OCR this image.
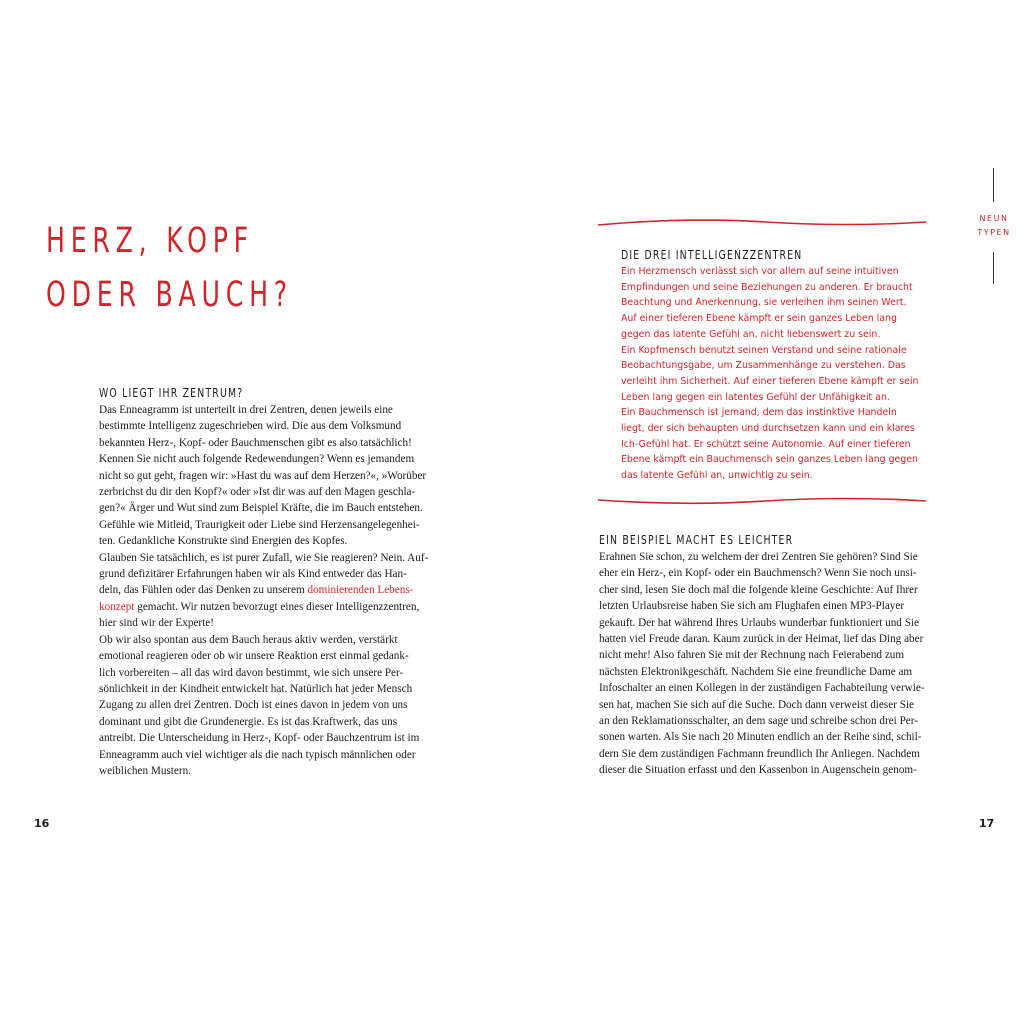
HERZ, KOPF
ODER BAUCH?
WO LIEGT IHR ZENTRUM?
Das Enneagramm ist unterteilt in drei Zentren, denen jeweils eine
bestimmte Intelligenz zugeschrieben wird. Die aus dem Volksmund
bekannten Herz-, Kopf- oder Bauchmenschen gibt es also tatsächlich!
Kennen Sie nicht auch folgende Redewendungen? Wenn es jemandem
nicht so gut geht, fragen wir: »Hast du was auf dem Herzen?«, »Worüber
zerbrichst du dir den Kopf?« oder »Ist dir was auf den Magen geschla-
gen?« Ärger und Wut sind zum Beispiel Kräfte, die im Bauch entstehen.
Gefühle wie Mitleid, Traurigkeit oder Liebe sind Herzensangelegenhei-
ten. Gedankliche Konstrukte sind Energien des Kopfes.
Glauben Sie tatsächlich, es ist purer Zufall, wie Sie reagieren? Nein. Auf-
grund defizitärer Erfahrungen haben wir als Kind entweder das Han-
deln, das Fühlen oder das Denken zu unserem dominierenden Lebens-
konzept gemacht. Wir nutzen bevorzugt eines dieser Intelligenzzentren,
hier sind wir der Experte!
Ob wir also spontan aus dem Bauch heraus aktiv werden, verstärkt
emotional reagieren oder ob wir unsere Reaktion erst einmal gedank-
lich vorbereiten – all das wird davon bestimmt, wie sich unsere Per-
sönlichkeit in der Kindheit entwickelt hat. Natürlich hat jeder Mensch
Zugang zu allen drei Zentren. Doch ist eines davon in jedem von uns
dominant und gibt die Grundenergie. Es ist das Kraftwerk, das uns
antreibt. Die Unterscheidung in Herz-, Kopf- oder Bauchzentrum ist im
Enneagramm auch viel wichtiger als die nach typisch männlichen oder
weiblichen Mustern.
16
NEUN
TYPEN
DIE DREI INTELLIGENZZENTREN
Ein Herzmensch verlässt sich vor allem auf seine intuitiven
Empfindungen und seine Beziehungen zu anderen. Er braucht
Beachtung und Anerkennung, sie verleihen ihm seinen Wert.
Auf einer tieferen Ebene kämpft er sein ganzes Leben lang
gegen das latente Gefühl an, nicht liebenswert zu sein.
Ein Kopfmensch benutzt seinen Verstand und seine rationale
Beobachtungsgabe, um Zusammenhänge zu verstehen. Das
verleiht ihm Sicherheit. Auf einer tieferen Ebene kämpft er sein
Leben lang gegen ein latentes Gefühl der Unfähigkeit an.
Ein Bauchmensch ist jemand, dem das instinktive Handeln
liegt, der sich behaupten und durchsetzen kann und ein klares
Ich-Gefühl hat. Er schützt seine Autonomie. Auf einer tieferen
Ebene kämpft ein Bauchmensch sein ganzes Leben lang gegen
das latente Gefühl an, unwichtig zu sein.
EIN BEISPIEL MACHT ES LEICHTER
Erahnen Sie schon, zu welchem der drei Zentren Sie gehören? Sind Sie
eher ein Herz-, ein Kopf- oder ein Bauchmensch? Wenn Sie noch unsi-
cher sind, lesen Sie doch mal die folgende kleine Geschichte: Auf Ihrer
letzten Urlaubsreise haben Sie sich am Flughafen einen MP3-Player
gekauft. Der hat während Ihres Urlaubs wunderbar funktioniert und Sie
hatten viel Freude daran. Kaum zurück in der Heimat, lief das Ding aber
nicht mehr! Also fahren Sie mit der Rechnung nach Feierabend zum
nächsten Elektronikgeschäft. Nachdem Sie eine freundliche Dame am
Infoschalter an einen Kollegen in der zuständigen Fachabteilung verwie-
sen hat, machen Sie sich auf die Suche. Doch dann verweist dieser Sie
an den Reklamationsschalter, an dem sage und schreibe schon drei Per-
sonen warten. Als Sie nach 20 Minuten endlich an der Reihe sind, schil-
dern Sie dem zuständigen Fachmann freundlich Ihr Anliegen. Nachdem
dieser die Situation erfasst und den Kassenbon in Augenschein genom-
17
